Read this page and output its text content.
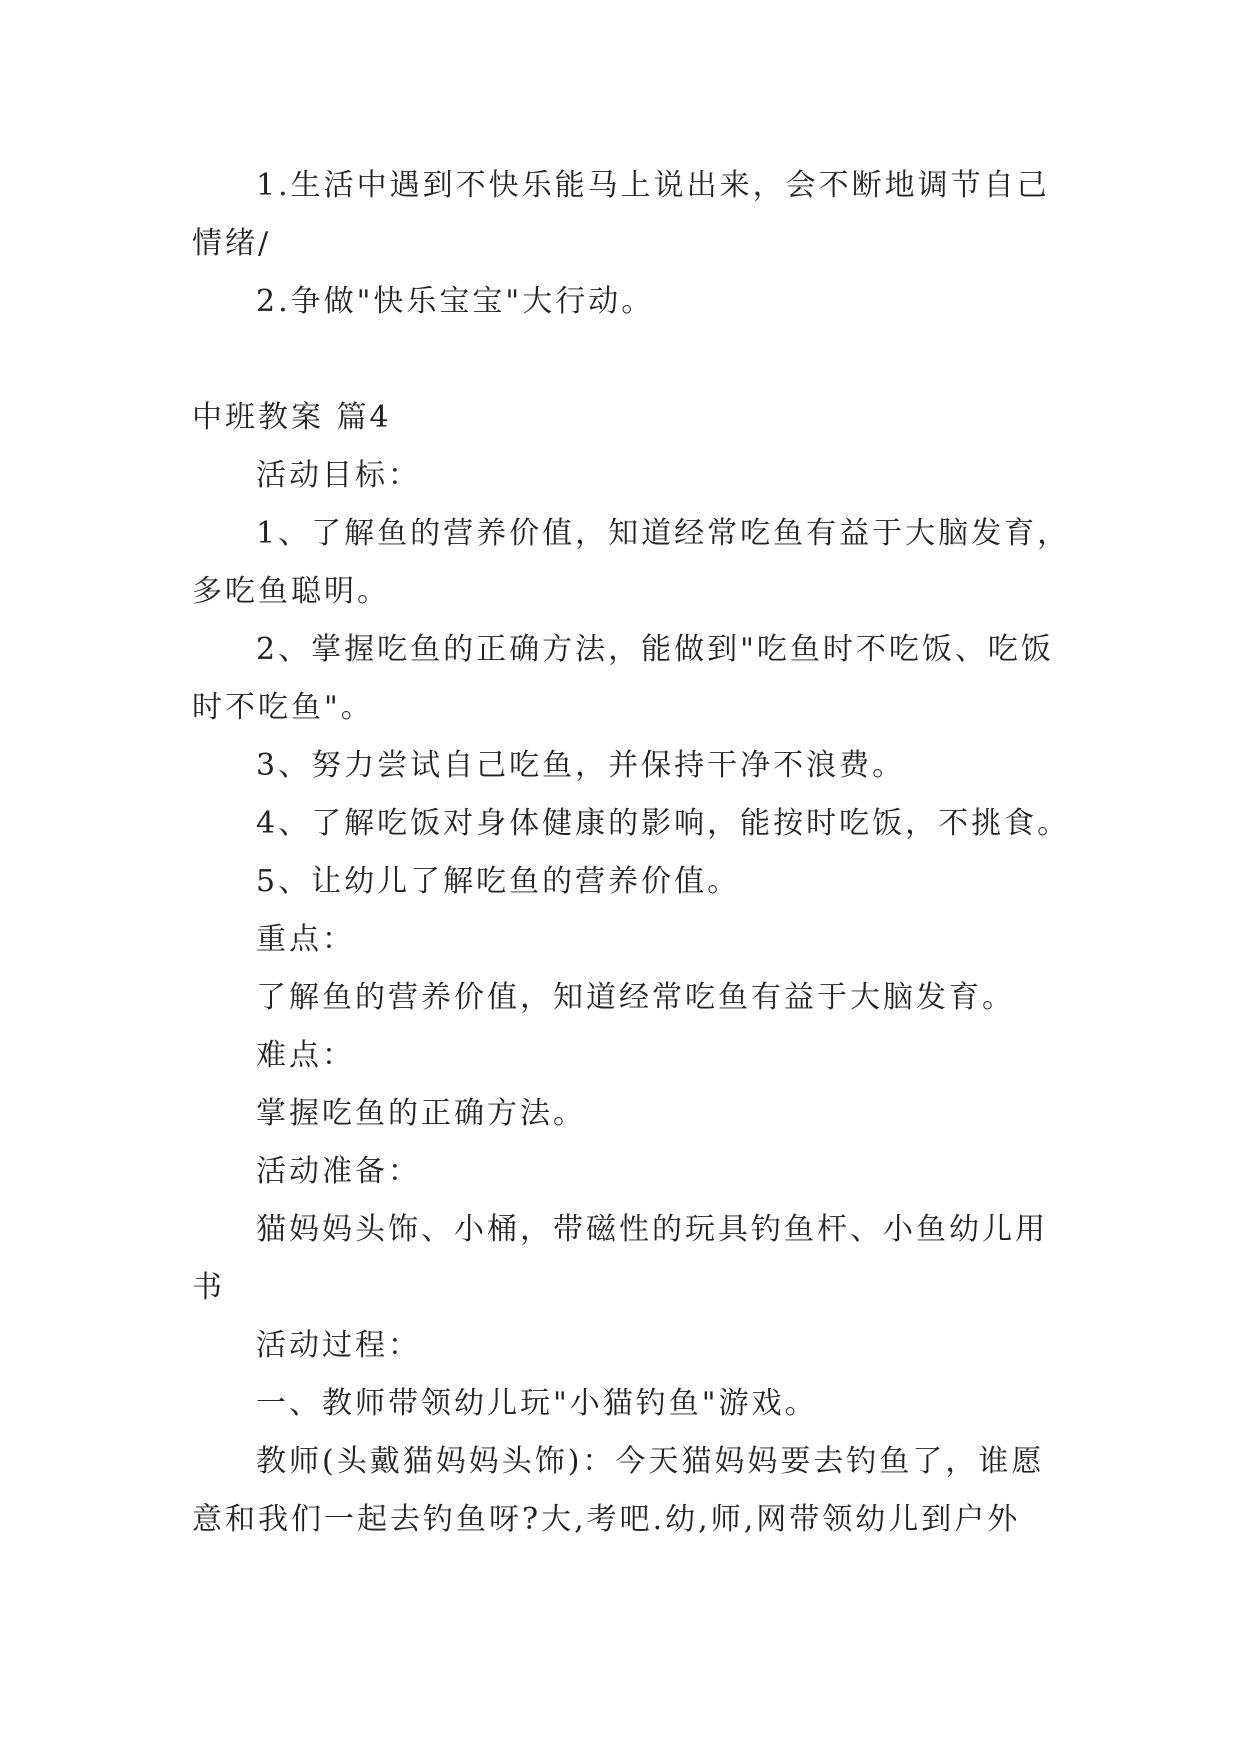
1.生活中遇到不快乐能马上说出来，会不断地调节自己
情绪/
2.争做"快乐宝宝"大行动。
中班教案 篇4
活动目标：
1、了解鱼的营养价值，知道经常吃鱼有益于大脑发育，
多吃鱼聪明。
2、掌握吃鱼的正确方法，能做到"吃鱼时不吃饭、吃饭
时不吃鱼"。
3、努力尝试自己吃鱼，并保持干净不浪费。
4、了解吃饭对身体健康的影响，能按时吃饭，不挑食。
5、让幼儿了解吃鱼的营养价值。
重点：
了解鱼的营养价值，知道经常吃鱼有益于大脑发育。
难点：
掌握吃鱼的正确方法。
活动准备：
猫妈妈头饰、小桶，带磁性的玩具钓鱼杆、小鱼幼儿用
书
活动过程：
一、教师带领幼儿玩"小猫钓鱼"游戏。
教师(头戴猫妈妈头饰)：今天猫妈妈要去钓鱼了，谁愿
意和我们一起去钓鱼呀?大,考吧.幼,师,网带领幼儿到户外
